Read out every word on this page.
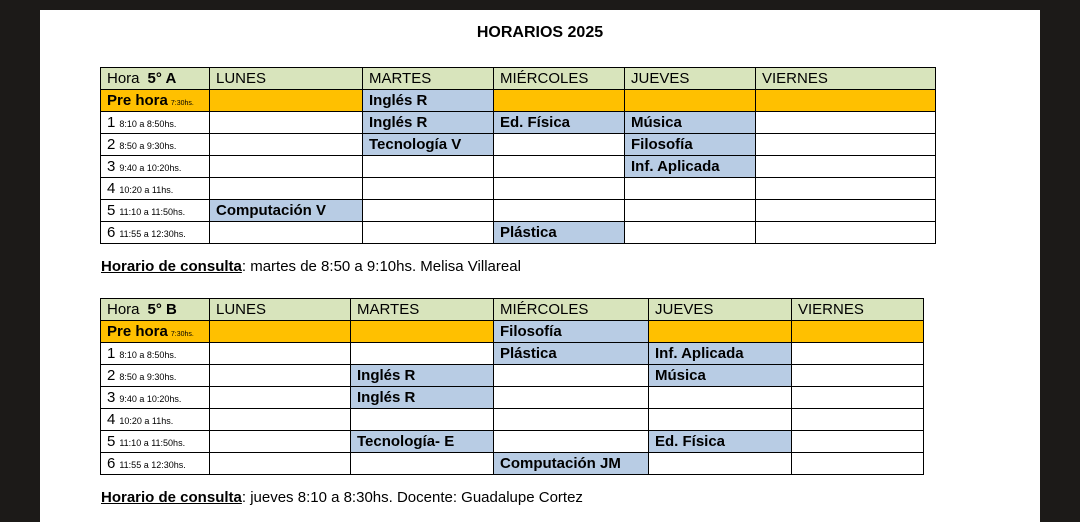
HORARIOS 2025
Hora 5° A	LUNES	MARTES	MIÉRCOLES	JUEVES	VIERNES
Pre hora 7:30hs.		Inglés R			
1 8:10 a 8:50hs.		Inglés R	Ed. Física	Música	
2 8:50 a 9:30hs.		Tecnología V		Filosofía	
3 9:40 a 10:20hs.				Inf. Aplicada	
4 10:20 a 11hs.					
5 11:10 a 11:50hs.	Computación V				
6 11:55 a 12:30hs.			Plástica		
Horario de consulta: martes de 8:50 a 9:10hs. Melisa Villareal
Hora 5° B	LUNES	MARTES	MIÉRCOLES	JUEVES	VIERNES
Pre hora 7:30hs.			Filosofía		
1 8:10 a 8:50hs.			Plástica	Inf. Aplicada	
2 8:50 a 9:30hs.		Inglés R		Música	
3 9:40 a 10:20hs.		Inglés R			
4 10:20 a 11hs.					
5 11:10 a 11:50hs.		Tecnología- E		Ed. Física	
6 11:55 a 12:30hs.			Computación JM		
Horario de consulta: jueves 8:10 a 8:30hs. Docente: Guadalupe Cortez
